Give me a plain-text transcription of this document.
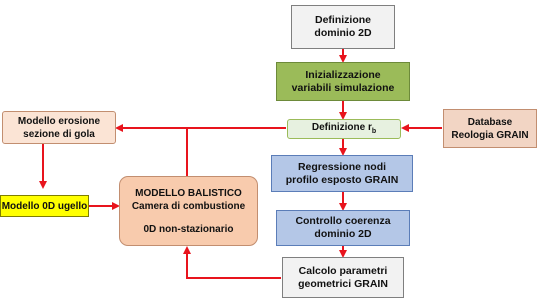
Definizione
dominio 2D
Inizializzazione
variabili simulazione
Definizione $r_b$
Database
Reologia GRAIN
Modello erosione
sezione di gola
Regressione nodi
profilo esposto GRAIN
Modello 0D ugello
MODELLO BALISTICO
Camera di combustione
0D non-stazionario
Controllo coerenza
dominio 2D
Calcolo parametri
geometrici GRAIN
